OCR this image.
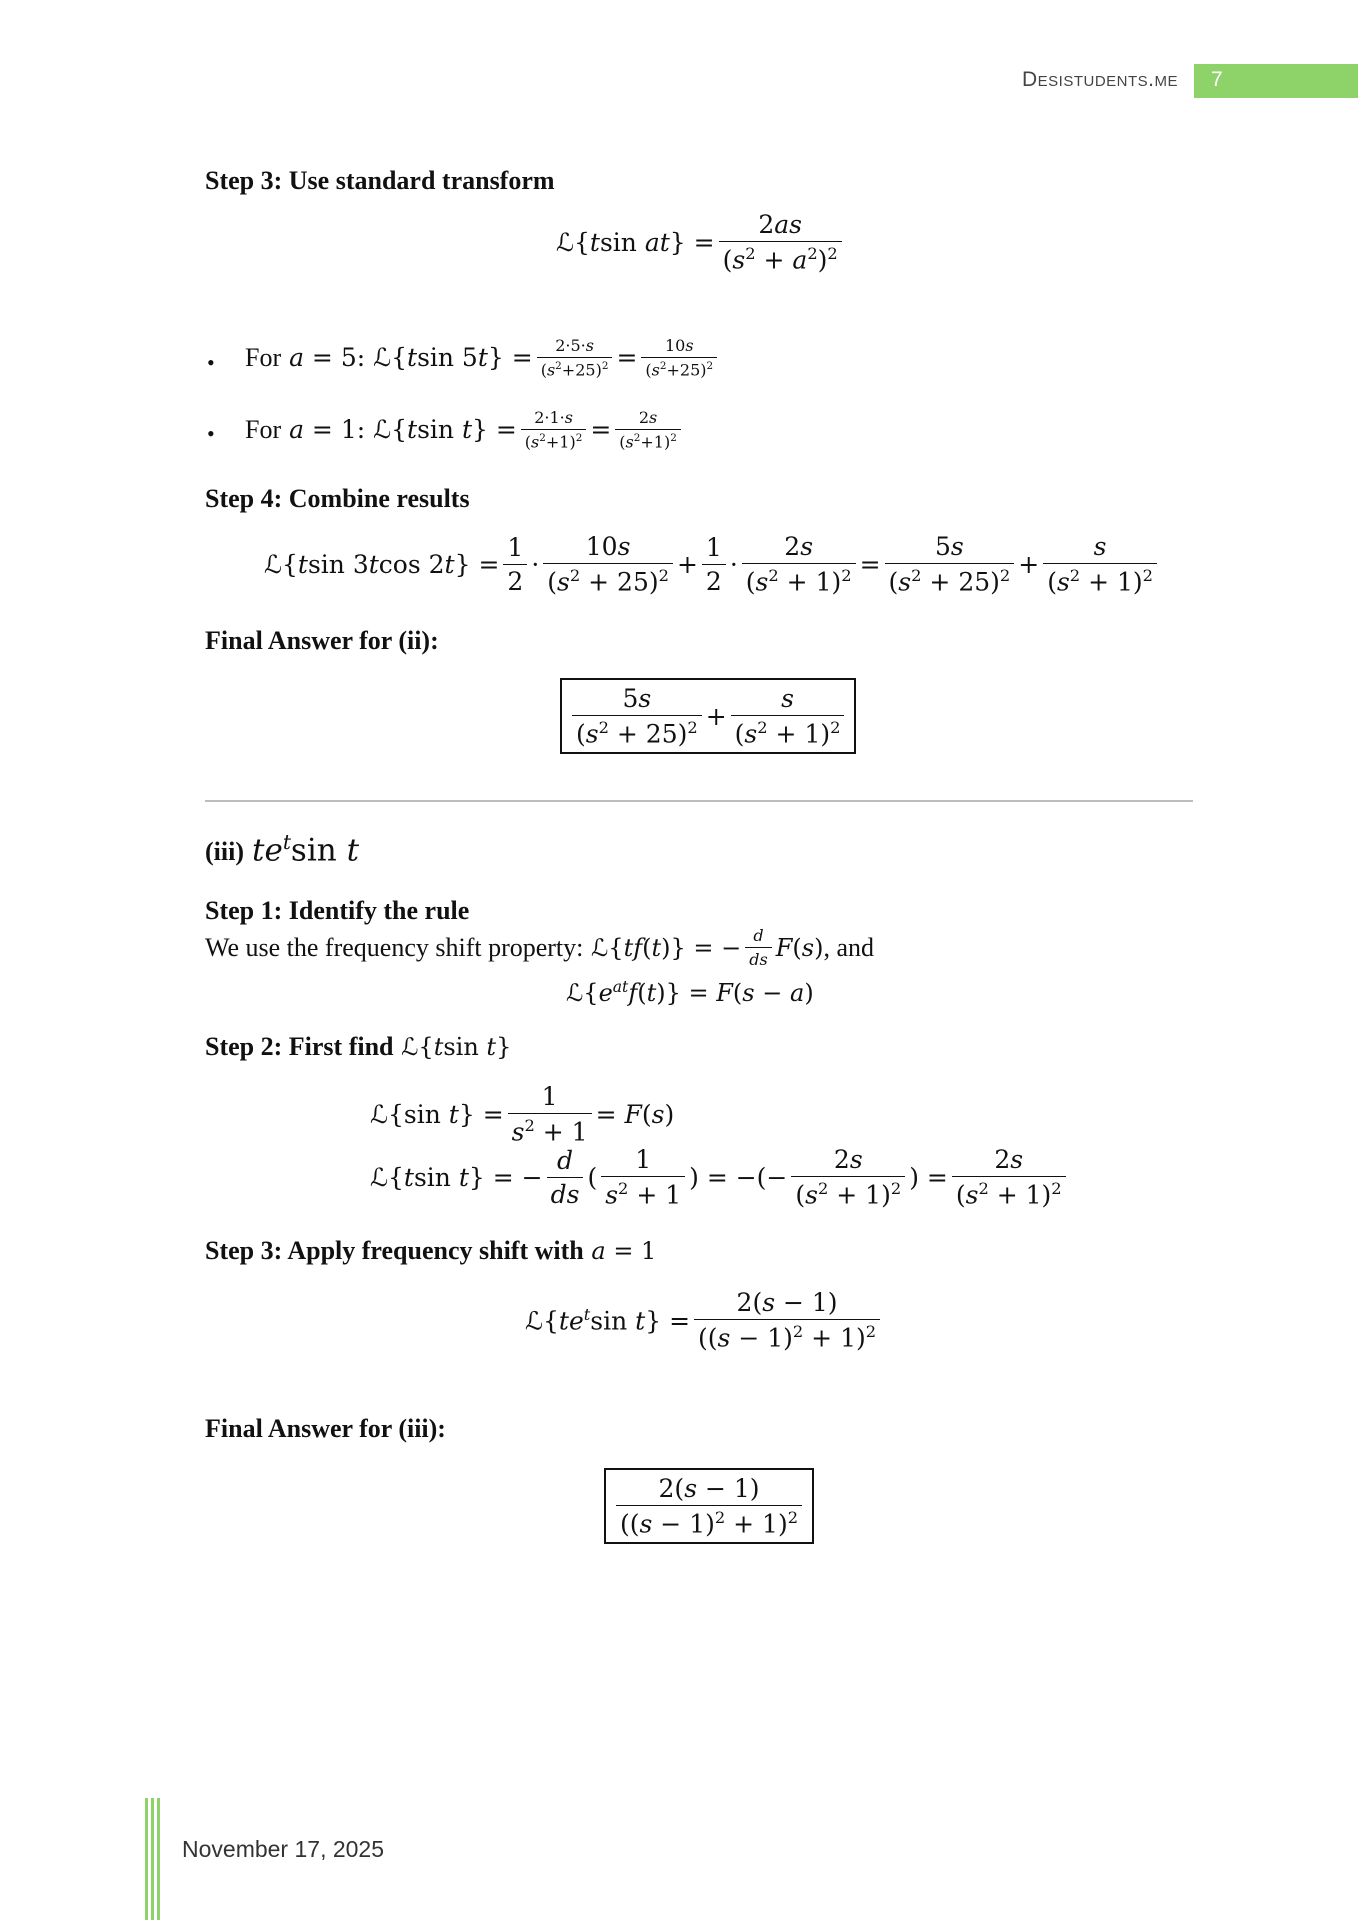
Desistudents.me 7
Step 3: Use standard transform
ℒ{tsin $at\} = \frac{2as}{(s^2 + a^2)^2}$
• For a = 5: ℒ{tsin $5t\} = \frac{2\cdot 5\cdot s}{(s^2+25)^2} = \frac{10s}{(s^2+25)^2}$
• For a = 1: ℒ{tsin $t\} = \frac{2\cdot 1\cdot s}{(s^2+1)^2} = \frac{2s}{(s^2+1)^2}$
Step 4: Combine results
ℒ{tsin 3tcos $2t\} = \frac{1}{2} \cdot \frac{10s}{(s^2 + 25)^2} + \frac{1}{2} \cdot \frac{2s}{(s^2 + 1)^2} = \frac{5s}{(s^2 + 25)^2} + \frac{s}{(s^2 + 1)^2}$
Final Answer for (ii):
$\frac{5s}{(s^2 + 25)^2} + \frac{s}{(s^2 + 1)^2}$
(iii) $te^t\sin$ t
Step 1: Identify the rule
We use the frequency shift property: ℒ{tf(t)} = − $\frac{d}{ds} F(s)$ , and
$ℒ\{e^{at}f(t)\} = F(s - a)$
Step 2: First find ℒ{tsin t}
ℒ{sin $t\} = \frac{1}{s^2 + 1} = F(s)$
ℒ{tsin t} = − $\frac{d}{ds}$ ( $\frac{1}{s^2 + 1}$ ) = −(− $\frac{2s}{(s^2 + 1)^2}$ ) = $\frac{2s}{(s^2 + 1)^2}$
Step 3: Apply frequency shift with a = 1
$ℒ\{te^t\sin$ $t\} = \frac{2(s - 1)}{((s - 1)^2 + 1)^2}$
Final Answer for (iii):
$\frac{2(s - 1)}{((s - 1)^2 + 1)^2}$
November 17, 2025
